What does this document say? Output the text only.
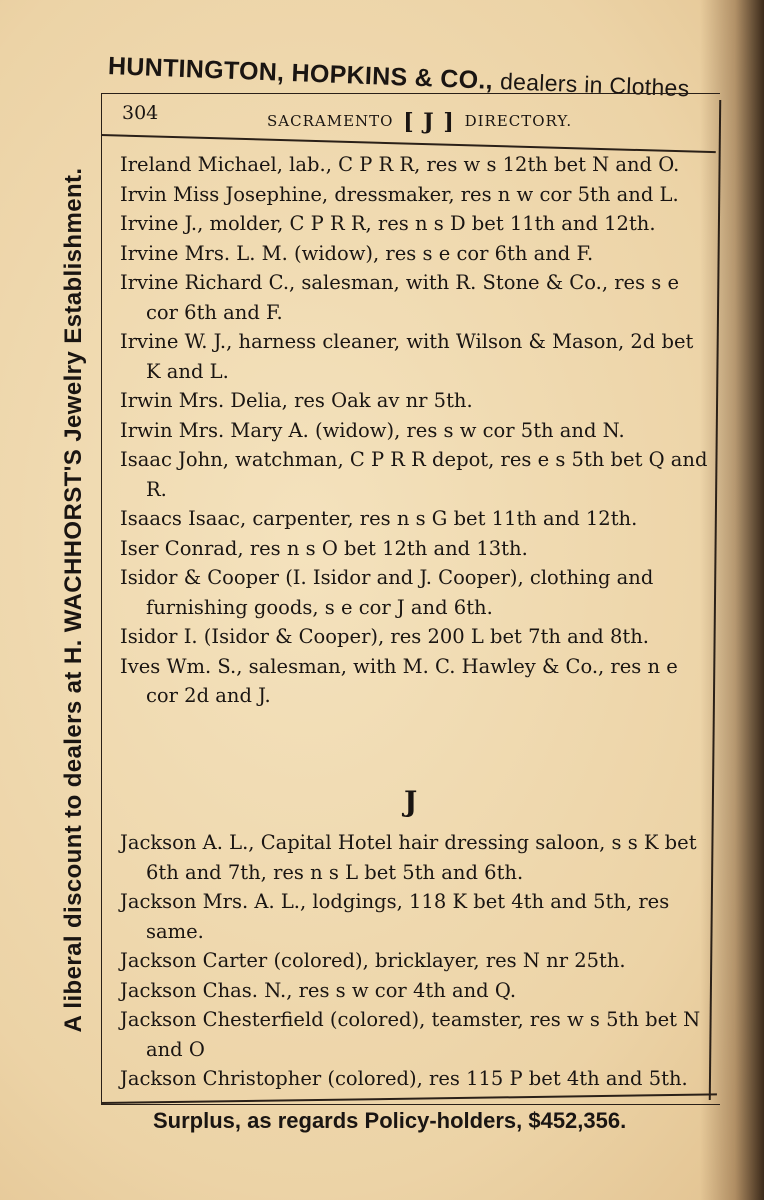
HUNTINGTON, HOPKINS & CO., dealers in Clothes
A liberal discount to dealers at H. WACHHORST'S Jewelry Establishment.
304	SACRAMENTO [ J ] DIRECTORY.
Ireland Michael, lab., C P R R, res w s 12th bet N and O.
Irvin Miss Josephine, dressmaker, res n w cor 5th and L.
Irvine J., molder, C P R R, res n s D bet 11th and 12th.
Irvine Mrs. L. M. (widow), res s e cor 6th and F.
Irvine Richard C., salesman, with R. Stone & Co., res s e cor 6th and F.
Irvine W. J., harness cleaner, with Wilson & Mason, 2d bet K and L.
Irwin Mrs. Delia, res Oak av nr 5th.
Irwin Mrs. Mary A. (widow), res s w cor 5th and N.
Isaac John, watchman, C P R R depot, res e s 5th bet Q and R.
Isaacs Isaac, carpenter, res n s G bet 11th and 12th.
Iser Conrad, res n s O bet 12th and 13th.
Isidor & Cooper (I. Isidor and J. Cooper), clothing and furnishing goods, s e cor J and 6th.
Isidor I. (Isidor & Cooper), res 200 L bet 7th and 8th.
Ives Wm. S., salesman, with M. C. Hawley & Co., res n e cor 2d and J.
J
Jackson A. L., Capital Hotel hair dressing saloon, s s K bet 6th and 7th, res n s L bet 5th and 6th.
Jackson Mrs. A. L., lodgings, 118 K bet 4th and 5th, res same.
Jackson Carter (colored), bricklayer, res N nr 25th.
Jackson Chas. N., res s w cor 4th and Q.
Jackson Chesterfield (colored), teamster, res w s 5th bet N and O
Jackson Christopher (colored), res 115 P bet 4th and 5th.
Surplus, as regards Policy-holders, $452,356.
